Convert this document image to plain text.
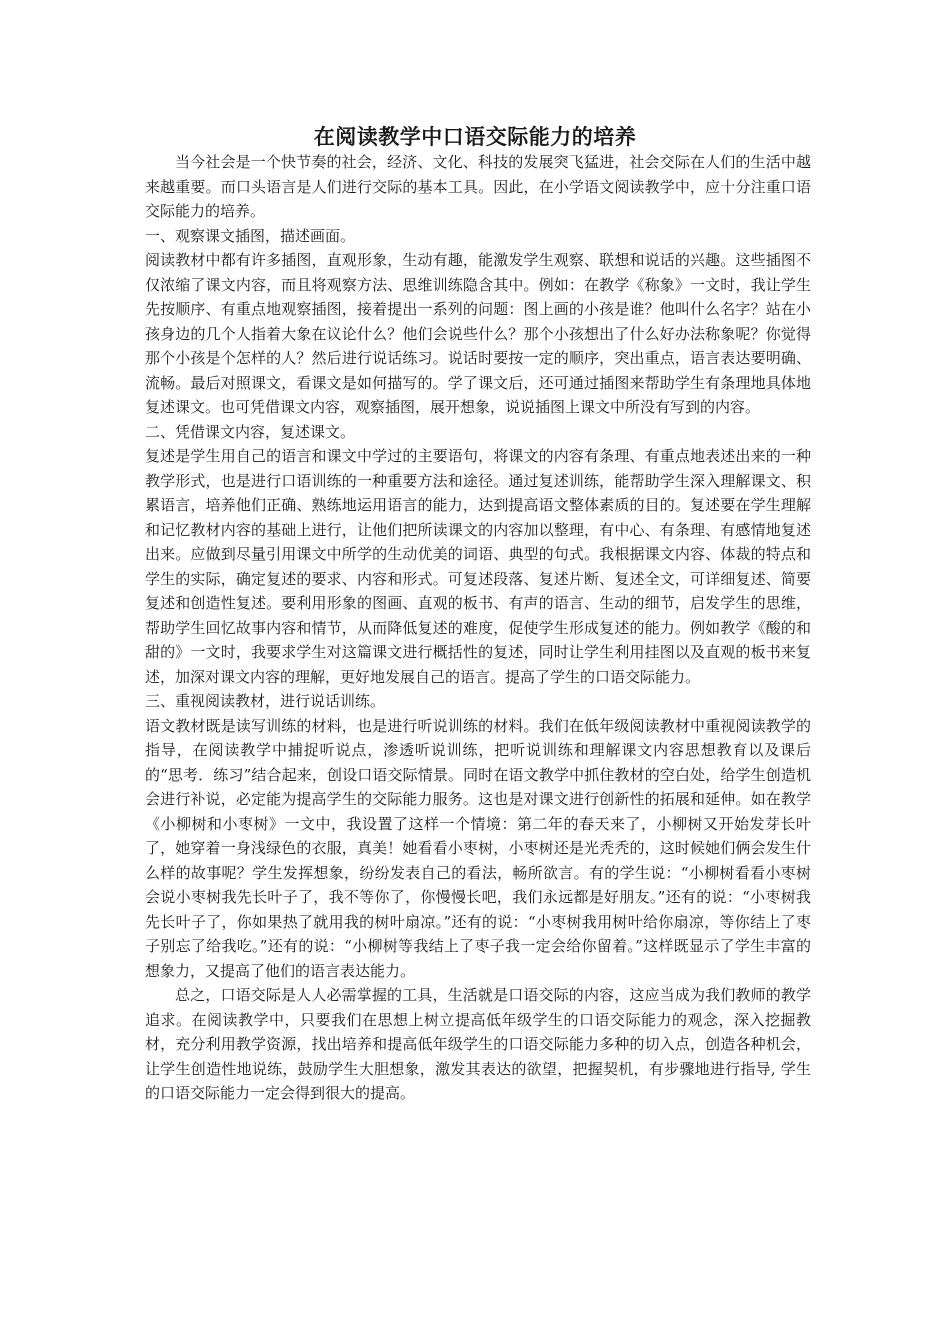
在阅读教学中口语交际能力的培养

当今社会是一个快节奏的社会，经济、文化、科技的发展突飞猛进，社会交际在人们的生活中越来越重要。而口头语言是人们进行交际的基本工具。因此，在小学语文阅读教学中，应十分注重口语交际能力的培养。

一、观察课文插图，描述画面。

阅读教材中都有许多插图，直观形象，生动有趣，能激发学生观察、联想和说话的兴趣。这些插图不仅浓缩了课文内容，而且将观察方法、思维训练隐含其中。例如：在教学《称象》一文时，我让学生先按顺序、有重点地观察插图，接着提出一系列的问题：图上画的小孩是谁？他叫什么名字？站在小孩身边的几个人指着大象在议论什么？他们会说些什么？那个小孩想出了什么好办法称象呢？你觉得那个小孩是个怎样的人？然后进行说话练习。说话时要按一定的顺序，突出重点，语言表达要明确、流畅。最后对照课文，看课文是如何描写的。学了课文后，还可通过插图来帮助学生有条理地具体地复述课文。也可凭借课文内容，观察插图，展开想象，说说插图上课文中所没有写到的内容。

二、凭借课文内容，复述课文。

复述是学生用自己的语言和课文中学过的主要语句，将课文的内容有条理、有重点地表述出来的一种教学形式，也是进行口语训练的一种重要方法和途径。通过复述训练，能帮助学生深入理解课文、积累语言，培养他们正确、熟练地运用语言的能力，达到提高语文整体素质的目的。复述要在学生理解和记忆教材内容的基础上进行，让他们把所读课文的内容加以整理，有中心、有条理、有感情地复述出来。应做到尽量引用课文中所学的生动优美的词语、典型的句式。我根据课文内容、体裁的特点和学生的实际，确定复述的要求、内容和形式。可复述段落、复述片断、复述全文，可详细复述、简要复述和创造性复述。要利用形象的图画、直观的板书、有声的语言、生动的细节，启发学生的思维，帮助学生回忆故事内容和情节，从而降低复述的难度，促使学生形成复述的能力。例如教学《酸的和甜的》一文时，我要求学生对这篇课文进行概括性的复述，同时让学生利用挂图以及直观的板书来复述，加深对课文内容的理解，更好地发展自己的语言。提高了学生的口语交际能力。

三、重视阅读教材，进行说话训练。

语文教材既是读写训练的材料，也是进行听说训练的材料。我们在低年级阅读教材中重视阅读教学的指导，在阅读教学中捕捉听说点，渗透听说训练，把听说训练和理解课文内容思想教育以及课后的“思考．练习”结合起来，创设口语交际情景。同时在语文教学中抓住教材的空白处，给学生创造机会进行补说，必定能为提高学生的交际能力服务。这也是对课文进行创新性的拓展和延伸。如在教学《小柳树和小枣树》一文中，我设置了这样一个情境：第二年的春天来了，小柳树又开始发芽长叶了，她穿着一身浅绿色的衣服，真美！她看看小枣树，小枣树还是光秃秃的，这时候她们俩会发生什么样的故事呢？学生发挥想象，纷纷发表自己的看法，畅所欲言。有的学生说：“小柳树看看小枣树会说小枣树我先长叶子了，我不等你了，你慢慢长吧，我们永远都是好朋友。”还有的说：“小枣树我先长叶子了，你如果热了就用我的树叶扇凉。”还有的说：“小枣树我用树叶给你扇凉，等你结上了枣子别忘了给我吃。”还有的说：“小柳树等我结上了枣子我一定会给你留着。”这样既显示了学生丰富的想象力，又提高了他们的语言表达能力。

总之，口语交际是人人必需掌握的工具，生活就是口语交际的内容，这应当成为我们教师的教学追求。在阅读教学中，只要我们在思想上树立提高低年级学生的口语交际能力的观念，深入挖掘教材，充分利用教学资源，找出培养和提高低年级学生的口语交际能力多种的切入点，创造各种机会，让学生创造性地说练，鼓励学生大胆想象，激发其表达的欲望，把握契机，有步骤地进行指导, 学生的口语交际能力一定会得到很大的提高。
